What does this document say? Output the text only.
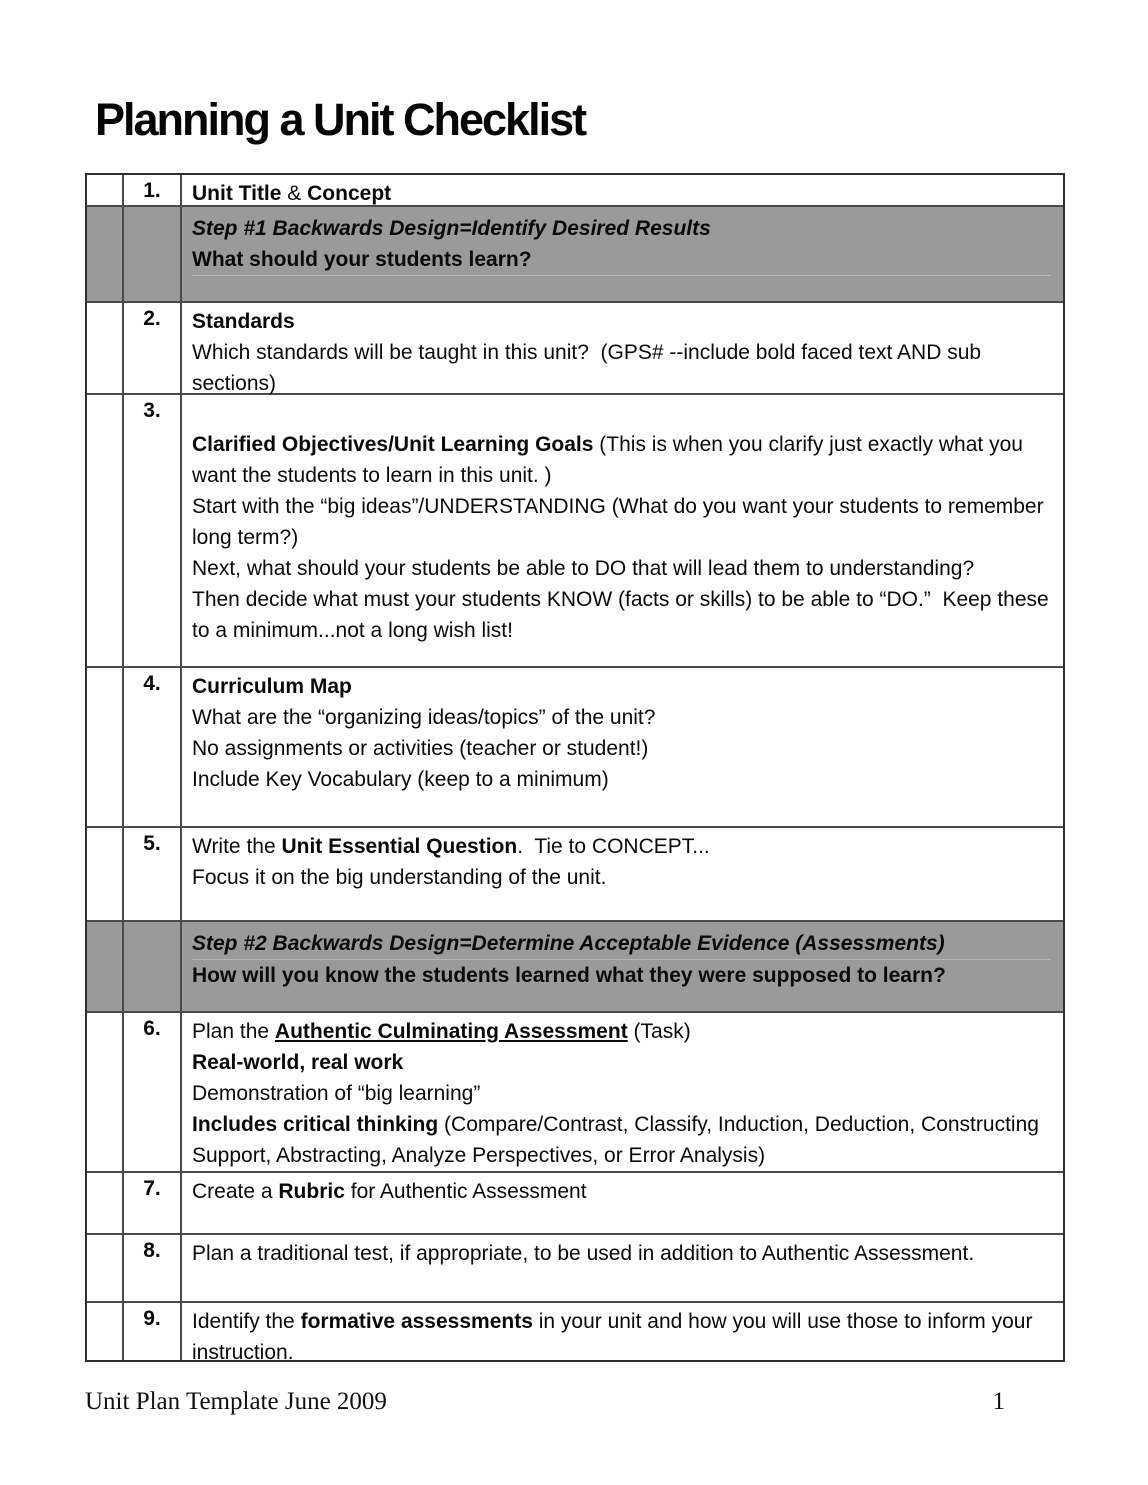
Planning a Unit Checklist
1.	Unit Title & Concept
Step #1 Backwards Design=Identify Desired Results
What should your students learn?
2.	Standards
Which standards will be taught in this unit?  (GPS# --include bold faced text AND sub sections)
3.
Clarified Objectives/Unit Learning Goals (This is when you clarify just exactly what you want the students to learn in this unit. )
Start with the “big ideas”/UNDERSTANDING (What do you want your students to remember long term?)
Next, what should your students be able to DO that will lead them to understanding?
Then decide what must your students KNOW (facts or skills) to be able to “DO.”  Keep these to a minimum...not a long wish list!
4.	Curriculum Map
What are the “organizing ideas/topics” of the unit?
No assignments or activities (teacher or student!)
Include Key Vocabulary (keep to a minimum)
5.	Write the Unit Essential Question.  Tie to CONCEPT...
Focus it on the big understanding of the unit.
Step #2 Backwards Design=Determine Acceptable Evidence (Assessments)
How will you know the students learned what they were supposed to learn?
6.	Plan the Authentic Culminating Assessment (Task)
Real-world, real work
Demonstration of “big learning”
Includes critical thinking (Compare/Contrast, Classify, Induction, Deduction, Constructing Support, Abstracting, Analyze Perspectives, or Error Analysis)
7.	Create a Rubric for Authentic Assessment
8.	Plan a traditional test, if appropriate, to be used in addition to Authentic Assessment.
9.	Identify the formative assessments in your unit and how you will use those to inform your instruction.
Unit Plan Template June 2009	1
